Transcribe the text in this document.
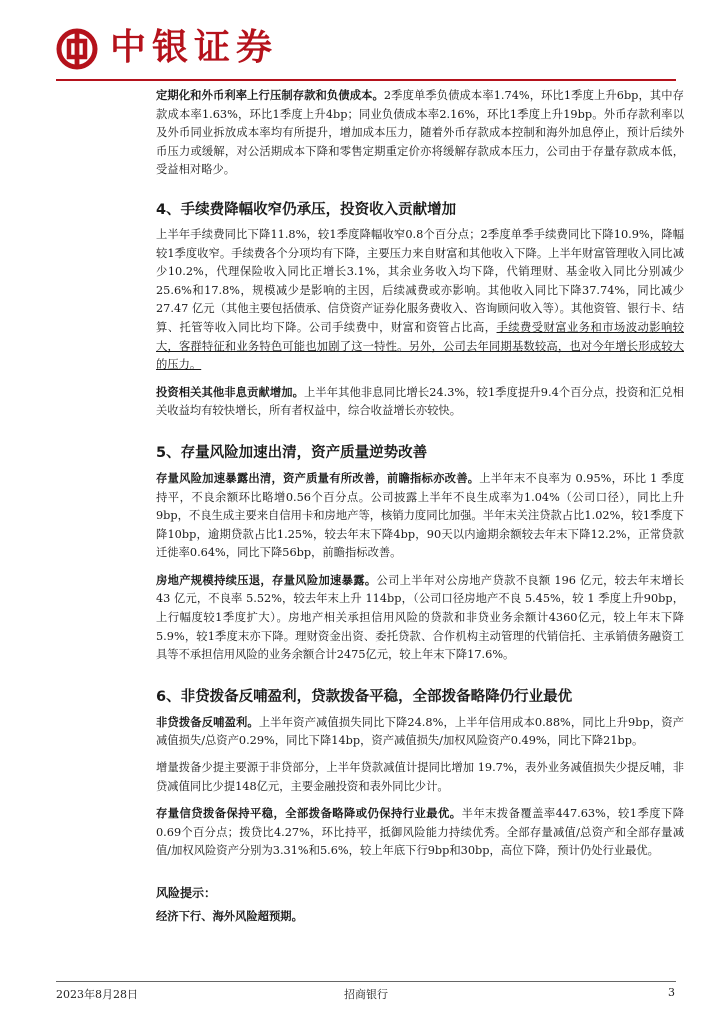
中银证券

定期化和外币利率上行压制存款和负债成本。2季度单季负债成本率1.74%，环比1季度上升6bp，其中存款成本率1.63%，环比1季度上升4bp；同业负债成本率2.16%，环比1季度上升19bp。外币存款利率以及外币同业拆放成本率均有所提升，增加成本压力，随着外币存款成本控制和海外加息停止，预计后续外币压力或缓解，对公活期成本下降和零售定期重定价亦将缓解存款成本压力，公司由于存量存款成本低，受益相对略少。

4、手续费降幅收窄仍承压，投资收入贡献增加

上半年手续费同比下降11.8%，较1季度降幅收窄0.8个百分点；2季度单季手续费同比下降10.9%，降幅较1季度收窄。手续费各个分项均有下降，主要压力来自财富和其他收入下降。上半年财富管理收入同比减少10.2%，代理保险收入同比正增长3.1%，其余业务收入均下降，代销理财、基金收入同比分别减少25.6%和17.8%，规模减少是影响的主因，后续减费或亦影响。其他收入同比下降37.74%，同比减少 27.47 亿元（其他主要包括债承、信贷资产证券化服务费收入、咨询顾问收入等）。其他资管、银行卡、结算、托管等收入同比均下降。公司手续费中，财富和资管占比高，手续费受财富业务和市场波动影响较大，客群特征和业务特色可能也加剧了这一特性。另外，公司去年同期基数较高，也对今年增长形成较大的压力。

投资相关其他非息贡献增加。上半年其他非息同比增长24.3%，较1季度提升9.4个百分点，投资和汇兑相关收益均有较快增长，所有者权益中，综合收益增长亦较快。

5、存量风险加速出清，资产质量逆势改善

存量风险加速暴露出清，资产质量有所改善，前瞻指标亦改善。上半年末不良率为 0.95%，环比 1 季度持平，不良余额环比略增0.56个百分点。公司披露上半年不良生成率为1.04%（公司口径），同比上升9bp，不良生成主要来自信用卡和房地产等，核销力度同比加强。半年末关注贷款占比1.02%，较1季度下降10bp，逾期贷款占比1.25%，较去年末下降4bp，90天以内逾期余额较去年末下降12.2%，正常贷款迁徙率0.64%，同比下降56bp，前瞻指标改善。

房地产规模持续压退，存量风险加速暴露。公司上半年对公房地产贷款不良额 196 亿元，较去年末增长 43 亿元，不良率 5.52%，较去年末上升 114bp，（公司口径房地产不良 5.45%，较 1 季度上升90bp，上行幅度较1季度扩大）。房地产相关承担信用风险的贷款和非贷业务余额计4360亿元，较上年末下降5.9%，较1季度末亦下降。理财资金出资、委托贷款、合作机构主动管理的代销信托、主承销债务融资工具等不承担信用风险的业务余额合计2475亿元，较上年末下降17.6%。

6、非贷拨备反哺盈利，贷款拨备平稳，全部拨备略降仍行业最优

非贷拨备反哺盈利。上半年资产减值损失同比下降24.8%，上半年信用成本0.88%，同比上升9bp，资产减值损失/总资产0.29%，同比下降14bp，资产减值损失/加权风险资产0.49%，同比下降21bp。

增量拨备少提主要源于非贷部分，上半年贷款减值计提同比增加 19.7%，表外业务减值损失少提反哺，非贷减值同比少提148亿元，主要金融投资和表外同比少计。

存量信贷拨备保持平稳，全部拨备略降或仍保持行业最优。半年末拨备覆盖率447.63%，较1季度下降0.69个百分点；拨贷比4.27%，环比持平，抵御风险能力持续优秀。全部存量减值/总资产和全部存量减值/加权风险资产分别为3.31%和5.6%，较上年底下行9bp和30bp，高位下降，预计仍处行业最优。

风险提示：
经济下行、海外风险超预期。
2023年8月28日	招商银行	3
